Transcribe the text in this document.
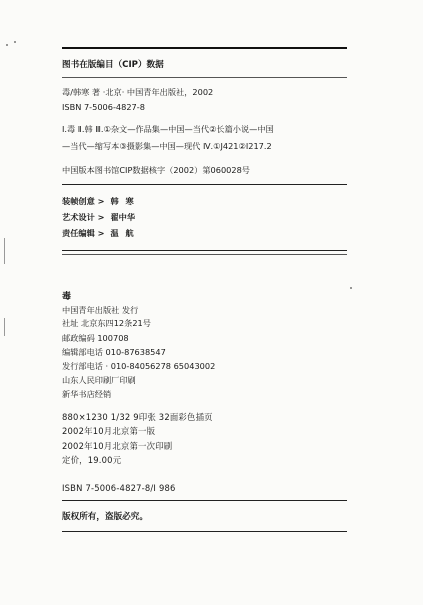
图书在版编目（CIP）数据
毒/韩寒 著 ·北京· 中国青年出版社，2002
ISBN 7-5006-4827-8
Ⅰ.毒 Ⅱ.韩 Ⅲ.①杂文—作品集—中国—当代②长篇小说—中国
—当代—缩写本③摄影集—中国—现代 Ⅳ.①J421②I217.2
中国版本图书馆CIP数据核字（2002）第060028号
装帧创意 > 韩 寒
艺术设计 > 翟中华
责任编辑 > 温 航
毒
中国青年出版社 发行
社址 北京东四12条21号
邮政编码 100708
编辑部电话 010-87638547
发行部电话 · 010-84056278 65043002
山东人民印刷厂印刷
新华书店经销
880×1230 1/32 9印张 32面彩色插页
2002年10月北京第一版
2002年10月北京第一次印刷
定价，19.00元
ISBN 7-5006-4827-8/Ⅰ 986
版权所有，盗版必究。
